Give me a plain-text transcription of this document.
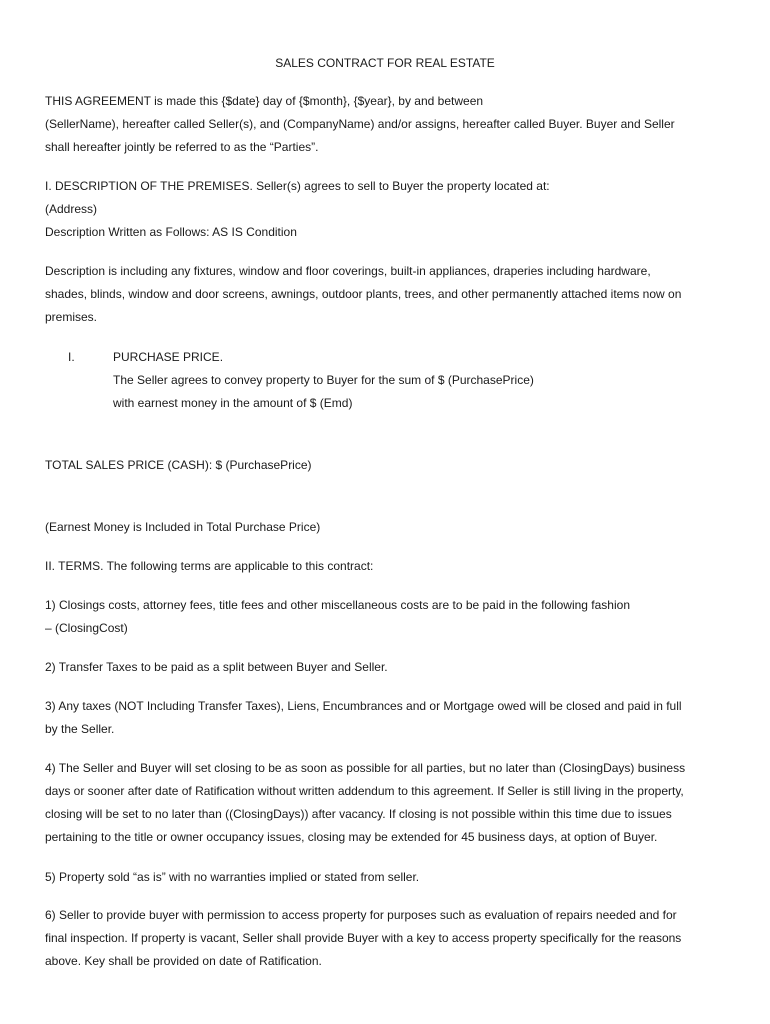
SALES CONTRACT FOR REAL ESTATE
THIS AGREEMENT is made this {$date} day of {$month}, {$year}, by and between
(SellerName), hereafter called Seller(s), and (CompanyName) and/or assigns, hereafter called Buyer. Buyer and Seller
shall hereafter jointly be referred to as the “Parties”.
I. DESCRIPTION OF THE PREMISES. Seller(s) agrees to sell to Buyer the property located at:
(Address)
Description Written as Follows: AS IS Condition
Description is including any fixtures, window and floor coverings, built-in appliances, draperies including hardware,
shades, blinds, window and door screens, awnings, outdoor plants, trees, and other permanently attached items now on
premises.
I.	PURCHASE PRICE.
The Seller agrees to convey property to Buyer for the sum of $ (PurchasePrice)
with earnest money in the amount of $ (Emd)
TOTAL SALES PRICE (CASH): $ (PurchasePrice)
(Earnest Money is Included in Total Purchase Price)
II. TERMS. The following terms are applicable to this contract:
1) Closings costs, attorney fees, title fees and other miscellaneous costs are to be paid in the following fashion
– (ClosingCost)
2) Transfer Taxes to be paid as a split between Buyer and Seller.
3) Any taxes (NOT Including Transfer Taxes), Liens, Encumbrances and or Mortgage owed will be closed and paid in full
by the Seller.
4) The Seller and Buyer will set closing to be as soon as possible for all parties, but no later than (ClosingDays) business
days or sooner after date of Ratification without written addendum to this agreement. If Seller is still living in the property,
closing will be set to no later than ((ClosingDays)) after vacancy. If closing is not possible within this time due to issues
pertaining to the title or owner occupancy issues, closing may be extended for 45 business days, at option of Buyer.
5) Property sold “as is” with no warranties implied or stated from seller.
6) Seller to provide buyer with permission to access property for purposes such as evaluation of repairs needed and for
final inspection. If property is vacant, Seller shall provide Buyer with a key to access property specifically for the reasons
above. Key shall be provided on date of Ratification.
